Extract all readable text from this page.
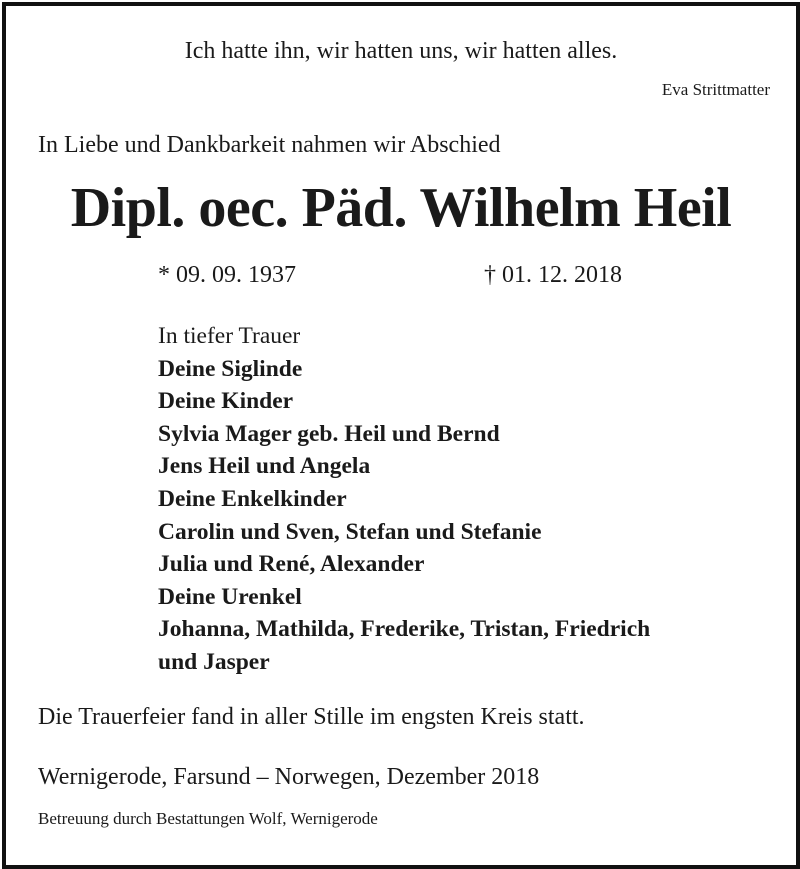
Ich hatte ihn, wir hatten uns, wir hatten alles.
Eva Strittmatter
In Liebe und Dankbarkeit nahmen wir Abschied
Dipl. oec. Päd. Wilhelm Heil
* 09. 09. 1937	† 01. 12. 2018
In tiefer Trauer
Deine Siglinde
Deine Kinder
Sylvia Mager geb. Heil und Bernd
Jens Heil und Angela
Deine Enkelkinder
Carolin und Sven, Stefan und Stefanie
Julia und René, Alexander
Deine Urenkel
Johanna, Mathilda, Frederike, Tristan, Friedrich
und Jasper
Die Trauerfeier fand in aller Stille im engsten Kreis statt.
Wernigerode, Farsund – Norwegen, Dezember 2018
Betreuung durch Bestattungen Wolf, Wernigerode
